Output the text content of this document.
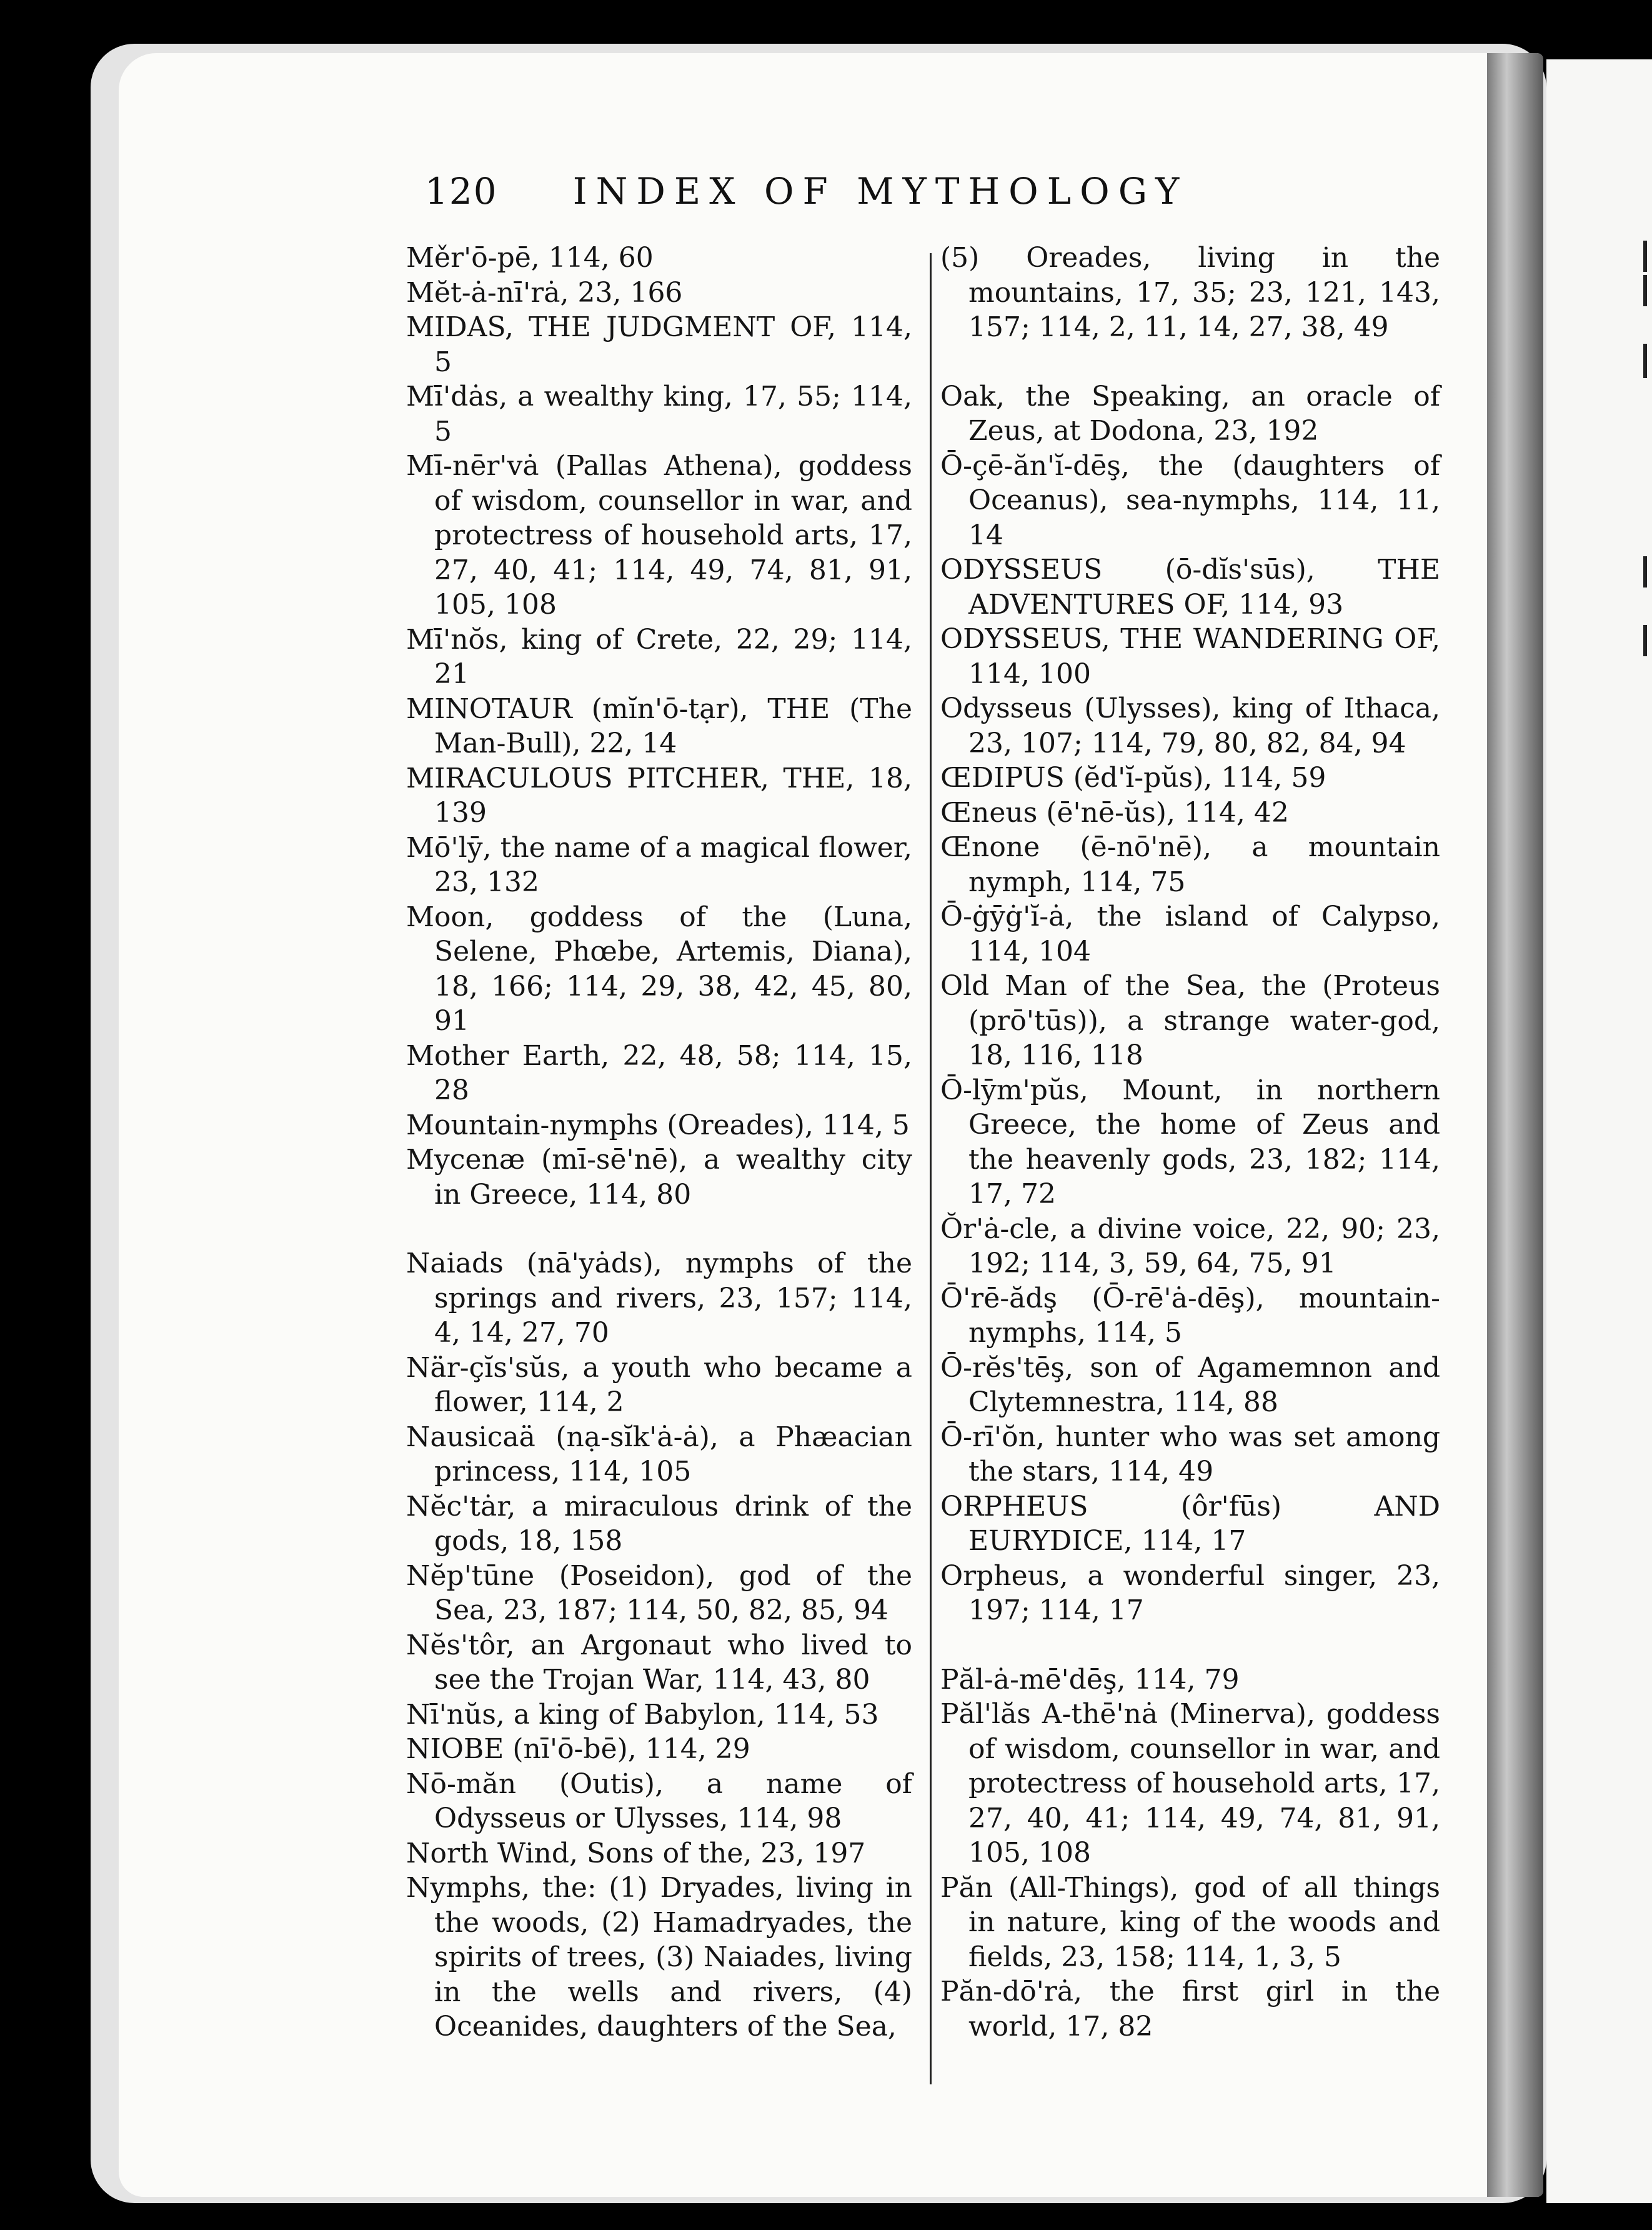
120 INDEX OF MYTHOLOGY
Měr'ō-pē, 114, 60
Mĕt-ȧ-nī'rȧ, 23, 166
MIDAS, THE JUDGMENT OF, 114, 5
Mī'dȧs, a wealthy king, 17, 55; 114, 5
Mī-nēr'vȧ (Pallas Athena), goddess of wisdom, counsellor in war, and protectress of household arts, 17, 27, 40, 41; 114, 49, 74, 81, 91, 105, 108
Mī'nŏs, king of Crete, 22, 29; 114, 21
MINOTAUR (mĭn'ō-tạr), THE (The Man-Bull), 22, 14
MIRACULOUS PITCHER, THE, 18, 139
Mō'lȳ, the name of a magical flower, 23, 132
Moon, goddess of the (Luna, Selene, Phœbe, Artemis, Diana), 18, 166; 114, 29, 38, 42, 45, 80, 91
Mother Earth, 22, 48, 58; 114, 15, 28
Mountain-nymphs (Oreades), 114, 5
Mycenæ (mī-sē'nē), a wealthy city in Greece, 114, 80
Naiads (nā'yȧds), nymphs of the springs and rivers, 23, 157; 114, 4, 14, 27, 70
När-çĭs'sŭs, a youth who became a flower, 114, 2
Nausicaä (nạ-sĭk'ȧ-ȧ), a Phæacian princess, 114, 105
Nĕc'tȧr, a miraculous drink of the gods, 18, 158
Nĕp'tūne (Poseidon), god of the Sea, 23, 187; 114, 50, 82, 85, 94
Nĕs'tôr, an Argonaut who lived to see the Trojan War, 114, 43, 80
Nī'nŭs, a king of Babylon, 114, 53
NIOBE (nī'ō-bē), 114, 29
Nō-măn (Outis), a name of Odysseus or Ulysses, 114, 98
North Wind, Sons of the, 23, 197
Nymphs, the: (1) Dryades, living in the woods, (2) Hamadryades, the spirits of trees, (3) Naiades, living in the wells and rivers, (4) Oceanides, daughters of the Sea,
(5) Oreades, living in the mountains, 17, 35; 23, 121, 143, 157; 114, 2, 11, 14, 27, 38, 49
Oak, the Speaking, an oracle of Zeus, at Dodona, 23, 192
Ō-çē-ăn'ĭ-dēş, the (daughters of Oceanus), sea-nymphs, 114, 11, 14
ODYSSEUS (ō-dĭs'sūs), THE ADVENTURES OF, 114, 93
ODYSSEUS, THE WANDERING OF, 114, 100
Odysseus (Ulysses), king of Ithaca, 23, 107; 114, 79, 80, 82, 84, 94
ŒDIPUS (ĕd'ĭ-pŭs), 114, 59
Œneus (ē'nē-ŭs), 114, 42
Œnone (ē-nō'nē), a mountain nymph, 114, 75
Ō-ġȳġ'ĭ-ȧ, the island of Calypso, 114, 104
Old Man of the Sea, the (Proteus (prō'tūs)), a strange water-god, 18, 116, 118
Ō-lȳm'pŭs, Mount, in northern Greece, the home of Zeus and the heavenly gods, 23, 182; 114, 17, 72
Ŏr'ȧ-cle, a divine voice, 22, 90; 23, 192; 114, 3, 59, 64, 75, 91
Ō'rē-ădş (Ō-rē'ȧ-dēş), mountain-nymphs, 114, 5
Ō-rĕs'tēş, son of Agamemnon and Clytemnestra, 114, 88
Ō-rī'ŏn, hunter who was set among the stars, 114, 49
ORPHEUS (ôr'fūs) AND EURYDICE, 114, 17
Orpheus, a wonderful singer, 23, 197; 114, 17
Păl-ȧ-mē'dēş, 114, 79
Păl'lăs A-thē'nȧ (Minerva), goddess of wisdom, counsellor in war, and protectress of household arts, 17, 27, 40, 41; 114, 49, 74, 81, 91, 105, 108
Păn (All-Things), god of all things in nature, king of the woods and fields, 23, 158; 114, 1, 3, 5
Păn-dō'rȧ, the first girl in the world, 17, 82
